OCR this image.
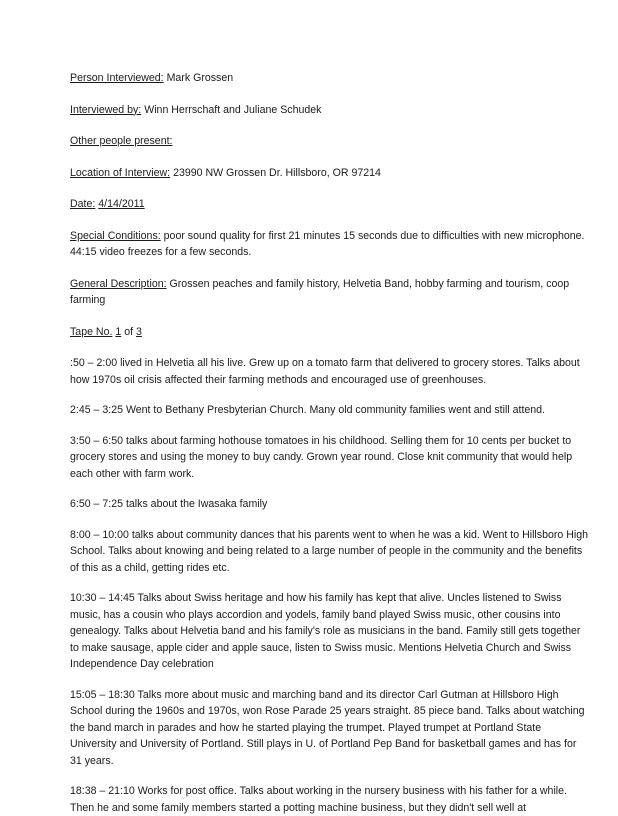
Person Interviewed: Mark Grossen
Interviewed by: Winn Herrschaft and Juliane Schudek
Other people present:
Location of Interview: 23990 NW Grossen Dr. Hillsboro, OR 97214
Date: 4/14/2011
Special Conditions: poor sound quality for first 21 minutes 15 seconds due to difficulties with new microphone. 44:15 video freezes for a few seconds.
General Description: Grossen peaches and family history, Helvetia Band, hobby farming and tourism, coop farming
Tape No. 1 of 3

:50 – 2:00 lived in Helvetia all his live. Grew up on a tomato farm that delivered to grocery stores. Talks about how 1970s oil crisis affected their farming methods and encouraged use of greenhouses.

2:45 – 3:25 Went to Bethany Presbyterian Church. Many old community families went and still attend.

3:50 – 6:50 talks about farming hothouse tomatoes in his childhood. Selling them for 10 cents per bucket to grocery stores and using the money to buy candy. Grown year round. Close knit community that would help each other with farm work.

6:50 – 7:25 talks about the Iwasaka family

8:00 – 10:00 talks about community dances that his parents went to when he was a kid. Went to Hillsboro High School. Talks about knowing and being related to a large number of people in the community and the benefits of this as a child, getting rides etc.

10:30 – 14:45 Talks about Swiss heritage and how his family has kept that alive. Uncles listened to Swiss music, has a cousin who plays accordion and yodels, family band played Swiss music, other cousins into genealogy. Talks about Helvetia band and his family's role as musicians in the band. Family still gets together to make sausage, apple cider and apple sauce, listen to Swiss music. Mentions Helvetia Church and Swiss Independence Day celebration

15:05 – 18:30 Talks more about music and marching band and its director Carl Gutman at Hillsboro High School during the 1960s and 1970s, won Rose Parade 25 years straight. 85 piece band. Talks about watching the band march in parades and how he started playing the trumpet. Played trumpet at Portland State University and University of Portland. Still plays in U. of Portland Pep Band for basketball games and has for 31 years.

18:38 – 21:10 Works for post office. Talks about working in the nursery business with his father for a while. Then he and some family members started a potting machine business, but they didn't sell well at
